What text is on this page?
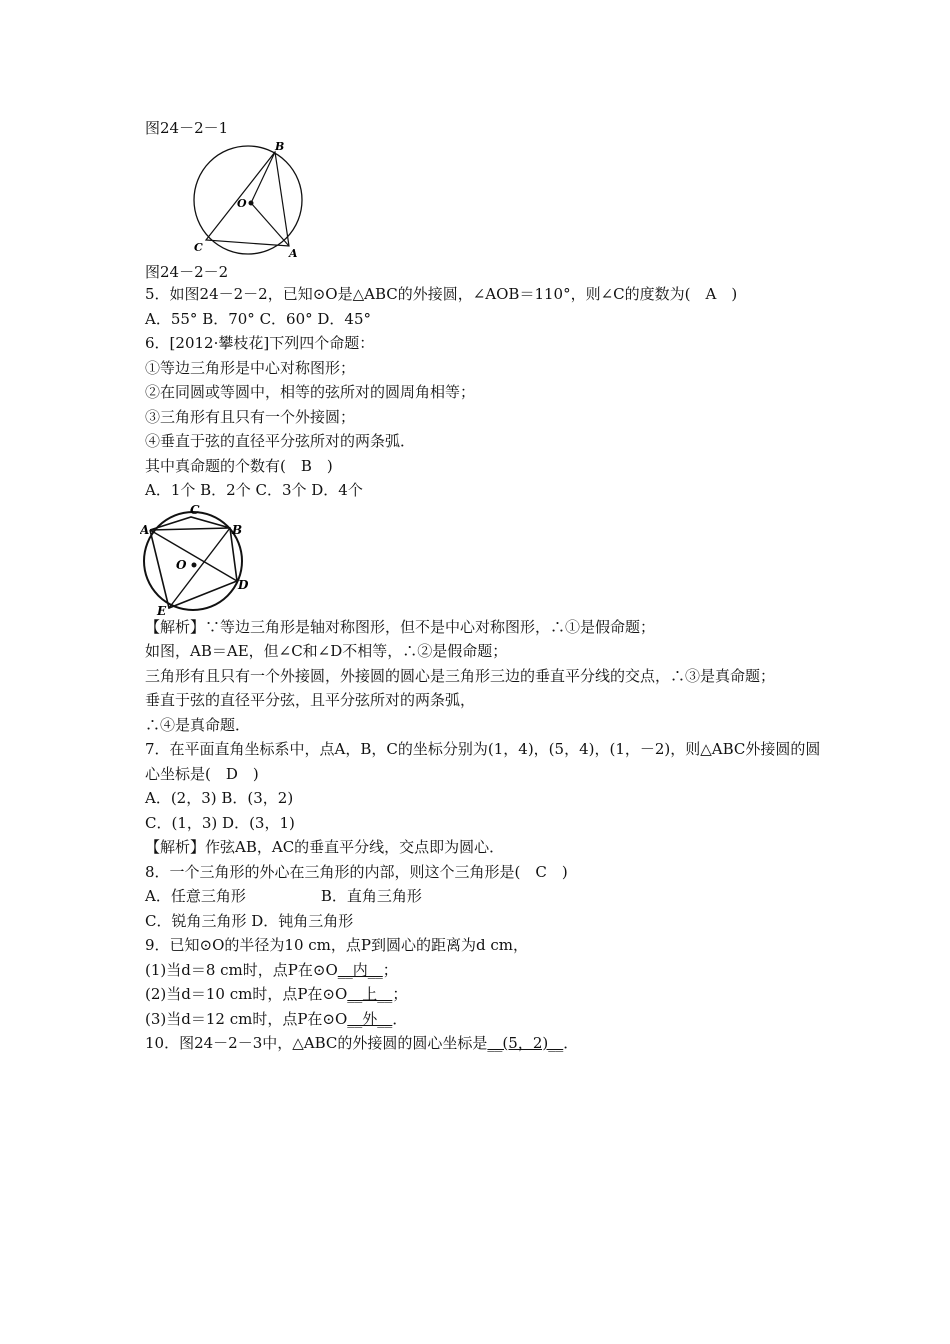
图24－2－1
B
O
C	A
图24－2－2
5．如图24－2－2，已知⊙O是△ABC的外接圆，∠AOB＝110°，则∠C的度数为(　A　)
A．55° B．70° C．60° D．45°
6．[2012·攀枝花]下列四个命题：
①等边三角形是中心对称图形；
②在同圆或等圆中，相等的弦所对的圆周角相等；
③三角形有且只有一个外接圆；
④垂直于弦的直径平分弦所对的两条弧．
其中真命题的个数有(　B　)
A．1个 B．2个 C．3个 D．4个
C
A	B
O
D
E
【解析】∵等边三角形是轴对称图形，但不是中心对称图形，∴①是假命题；
如图，AB＝AE，但∠C和∠D不相等，∴②是假命题；
三角形有且只有一个外接圆，外接圆的圆心是三角形三边的垂直平分线的交点，∴③是真命题；
垂直于弦的直径平分弦，且平分弦所对的两条弧，
∴④是真命题．
7．在平面直角坐标系中，点A，B，C的坐标分别为(1，4)，(5，4)，(1，－2)，则△ABC外接圆的圆心坐标是(　D　)
A．(2，3) B．(3，2)
C．(1，3) D．(3，1)
【解析】作弦AB，AC的垂直平分线，交点即为圆心．
8．一个三角形的外心在三角形的内部，则这个三角形是(　C　)
A．任意三角形　　　　　B．直角三角形
C．锐角三角形 D．钝角三角形
9．已知⊙O的半径为10 cm，点P到圆心的距离为d cm，
(1)当d＝8 cm时，点P在⊙O__内__；
(2)当d＝10 cm时，点P在⊙O__上__；
(3)当d＝12 cm时，点P在⊙O__外__．
10．图24－2－3中，△ABC的外接圆的圆心坐标是__(5，2)__．
